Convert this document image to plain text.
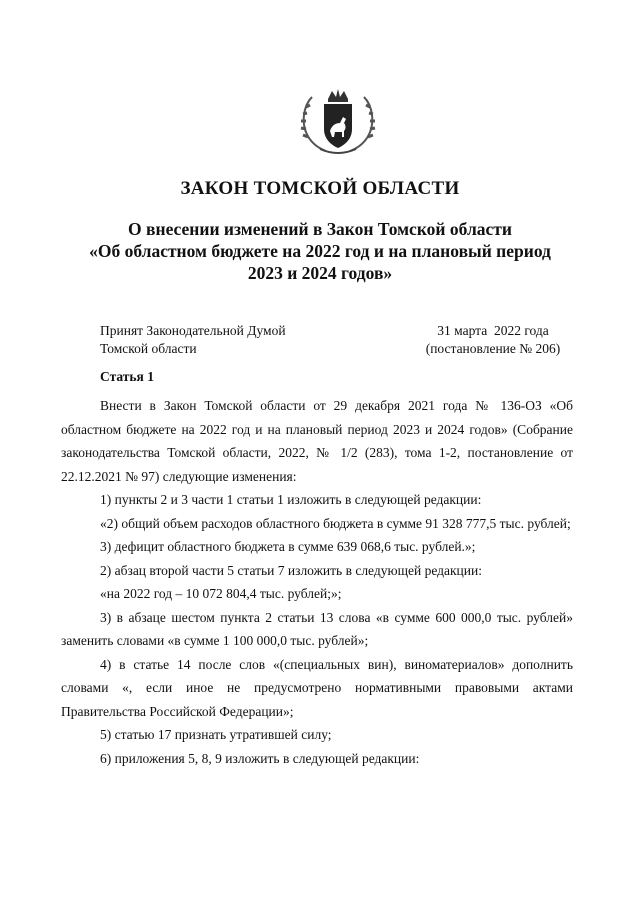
ЗАКОН ТОМСКОЙ ОБЛАСТИ
О внесении изменений в Закон Томской области
«Об областном бюджете на 2022 год и на плановый период
2023 и 2024 годов»
Принят Законодательной Думой
Томской области
31 марта  2022 года
(постановление № 206)
Статья 1

Внести в Закон Томской области от 29 декабря 2021 года № 136-ОЗ «Об областном бюджете на 2022 год и на плановый период 2023 и 2024 годов» (Собрание законодательства Томской области, 2022, № 1/2 (283), тома 1-2, постановление от 22.12.2021 № 97) следующие изменения:

1) пункты 2 и 3 части 1 статьи 1 изложить в следующей редакции:

«2) общий объем расходов областного бюджета в сумме 91 328 777,5 тыс. рублей;

3) дефицит областного бюджета в сумме 639 068,6 тыс. рублей.»;

2) абзац второй части 5 статьи 7 изложить в следующей редакции:

«на 2022 год – 10 072 804,4 тыс. рублей;»;

3) в абзаце шестом пункта 2 статьи 13 слова «в сумме 600 000,0 тыс. рублей» заменить словами «в сумме 1 100 000,0 тыс. рублей»;

4) в статье 14 после слов «(специальных вин), виноматериалов» дополнить словами «, если иное не предусмотрено нормативными правовыми актами Правительства Российской Федерации»;

5) статью 17 признать утратившей силу;

6) приложения 5, 8, 9 изложить в следующей редакции:
